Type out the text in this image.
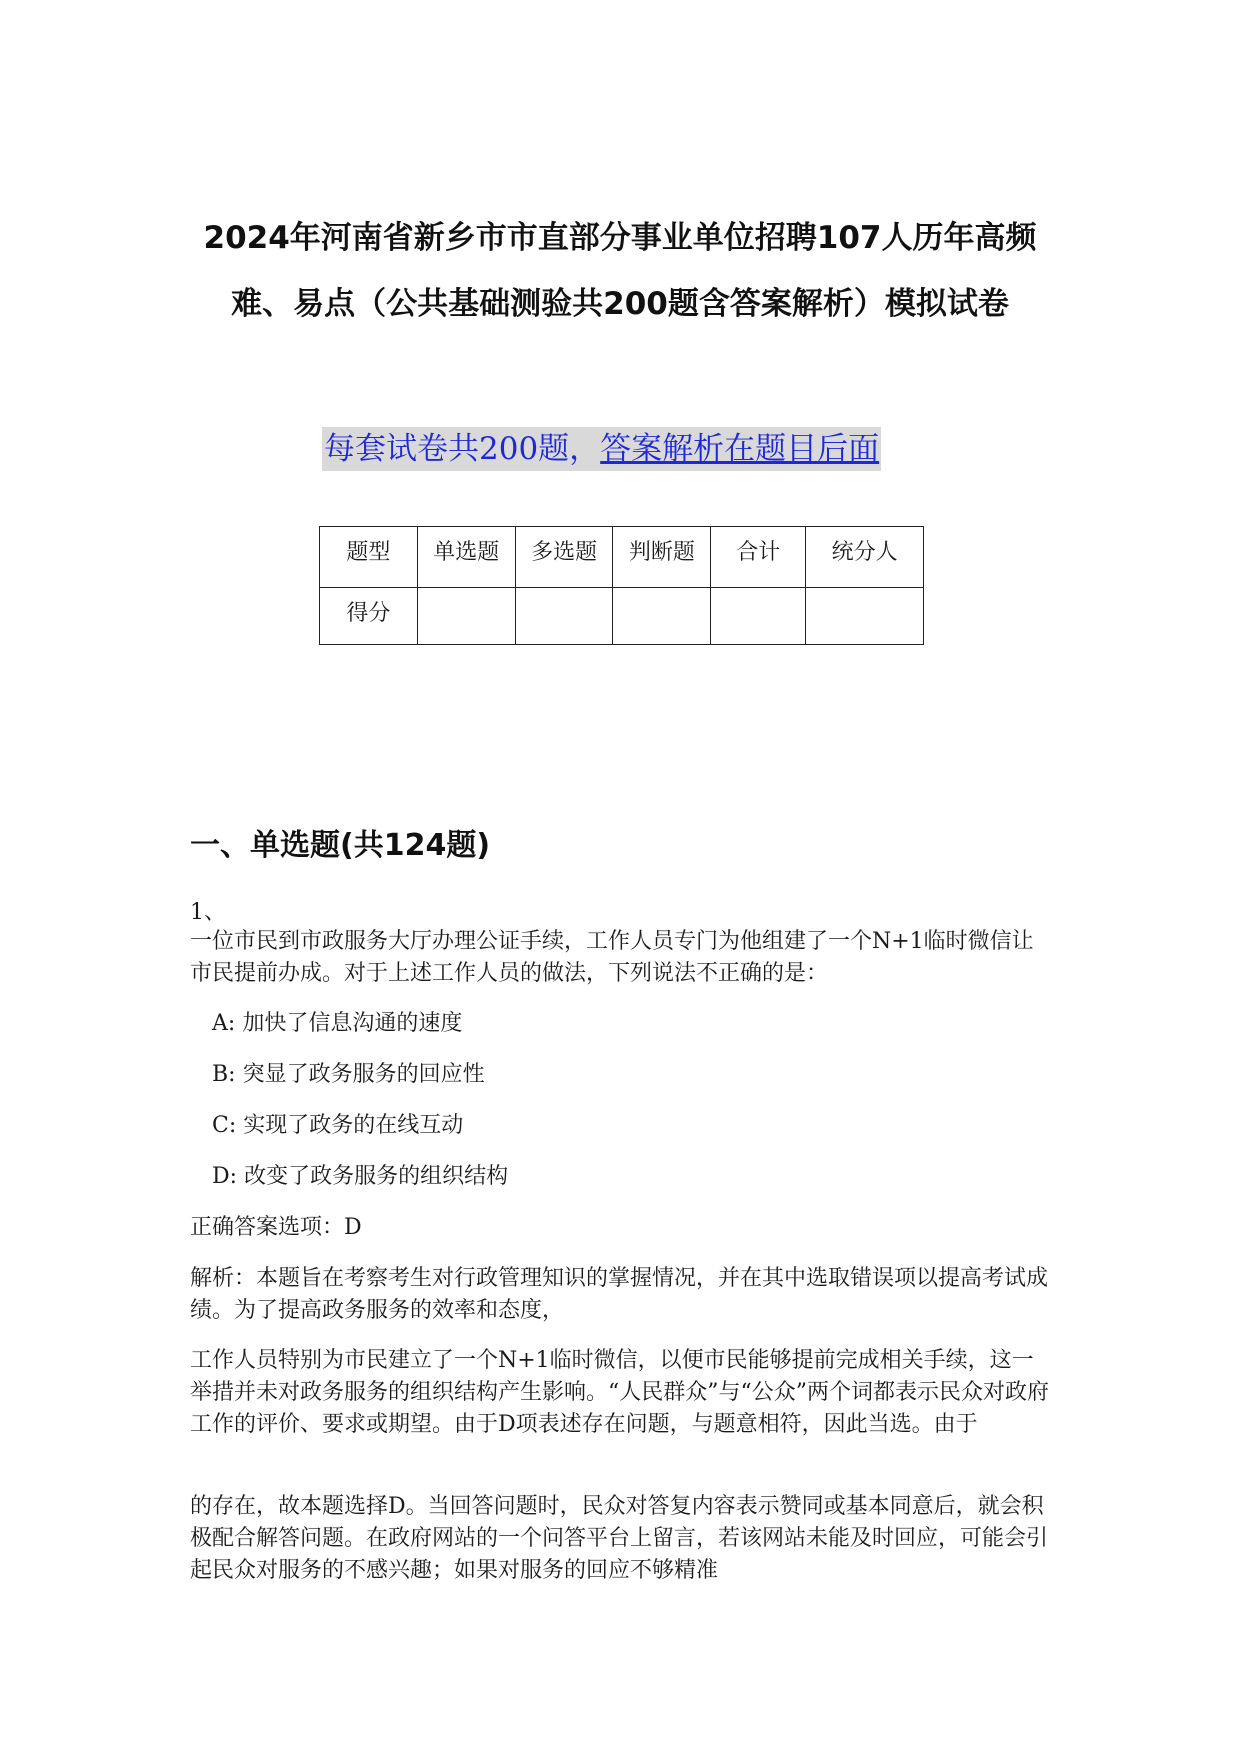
2024年河南省新乡市市直部分事业单位招聘107人历年高频
难、易点（公共基础测验共200题含答案解析）模拟试卷
每套试卷共200题，答案解析在题目后面
题型	单选题	多选题	判断题	合计	统分人
得分					
一、单选题(共124题)
1、

一位市民到市政服务大厅办理公证手续，工作人员专门为他组建了一个N+1临时微信让市民提前办成。对于上述工作人员的做法，下列说法不正确的是：

A: 加快了信息沟通的速度
B: 突显了政务服务的回应性
C: 实现了政务的在线互动
D: 改变了政务服务的组织结构

正确答案选项：D

解析：本题旨在考察考生对行政管理知识的掌握情况，并在其中选取错误项以提高考试成绩。为了提高政务服务的效率和态度，

工作人员特别为市民建立了一个N+1临时微信，以便市民能够提前完成相关手续，这一举措并未对政务服务的组织结构产生影响。“人民群众”与“公众”两个词都表示民众对政府工作的评价、要求或期望。由于D项表述存在问题，与题意相符，因此当选。由于

的存在，故本题选择D。当回答问题时，民众对答复内容表示赞同或基本同意后，就会积极配合解答问题。在政府网站的一个问答平台上留言，若该网站未能及时回应，可能会引起民众对服务的不感兴趣；如果对服务的回应不够精准
